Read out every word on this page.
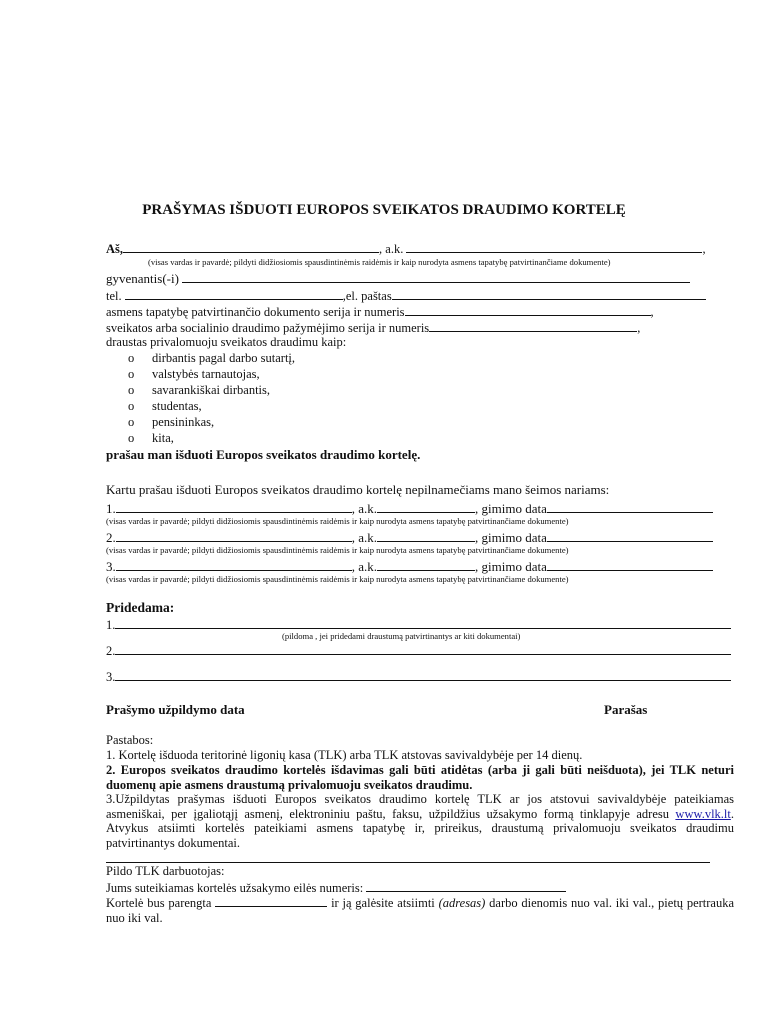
PRAŠYMAS IŠDUOTI EUROPOS SVEIKATOS DRAUDIMO KORTELĘ
Aš,	, a.k.	,
(visas vardas ir pavardė; pildyti didžiosiomis spausdintinėmis raidėmis ir kaip nurodyta asmens tapatybę patvirtinančiame dokumente)
gyvenantis(-i)
tel.	,el. paštas
asmens tapatybę patvirtinančio dokumento serija ir numeris	,
sveikatos arba socialinio draudimo pažymėjimo serija ir numeris	,
draustas privalomuoju sveikatos draudimu kaip:
o dirbantis pagal darbo sutartį,
o valstybės tarnautojas,
o savarankiškai dirbantis,
o studentas,
o pensininkas,
o kita,
prašau man išduoti Europos sveikatos draudimo kortelę.
Kartu prašau išduoti Europos sveikatos draudimo kortelę nepilnamečiams mano šeimos nariams:
1.	, a.k.	, gimimo data
(visas vardas ir pavardė; pildyti didžiosiomis spausdintinėmis raidėmis ir kaip nurodyta asmens tapatybę patvirtinančiame dokumente)
2.	, a.k.	, gimimo data
(visas vardas ir pavardė; pildyti didžiosiomis spausdintinėmis raidėmis ir kaip nurodyta asmens tapatybę patvirtinančiame dokumente)
3.	, a.k.	, gimimo data
(visas vardas ir pavardė; pildyti didžiosiomis spausdintinėmis raidėmis ir kaip nurodyta asmens tapatybę patvirtinančiame dokumente)
Pridedama:
1.
(pildoma , jei pridedami draustumą patvirtinantys ar kiti dokumentai)
2.
3.
Prašymo užpildymo data	Parašas
Pastabos:
1. Kortelę išduoda teritorinė ligonių kasa (TLK) arba TLK atstovas savivaldybėje per 14 dienų.
2. Europos sveikatos draudimo kortelės išdavimas gali būti atidėtas (arba ji gali būti neišduota), jei TLK neturi duomenų apie asmens draustumą privalomuoju sveikatos draudimu.
3.Užpildytas prašymas išduoti Europos sveikatos draudimo kortelę TLK ar jos atstovui savivaldybėje pateikiamas asmeniškai, per įgaliotąjį asmenį, elektroniniu paštu, faksu, užpildžius užsakymo formą tinklapyje adresu www.vlk.lt. Atvykus atsiimti kortelės pateikiami asmens tapatybę ir, prireikus, draustumą privalomuoju sveikatos draudimu patvirtinantys dokumentai.
Pildo TLK darbuotojas:
Jums suteikiamas kortelės užsakymo eilės numeris:
Kortelė bus parengta	ir ją galėsite atsiimti (adresas) darbo dienomis nuo val. iki val., pietų pertrauka nuo iki val.
